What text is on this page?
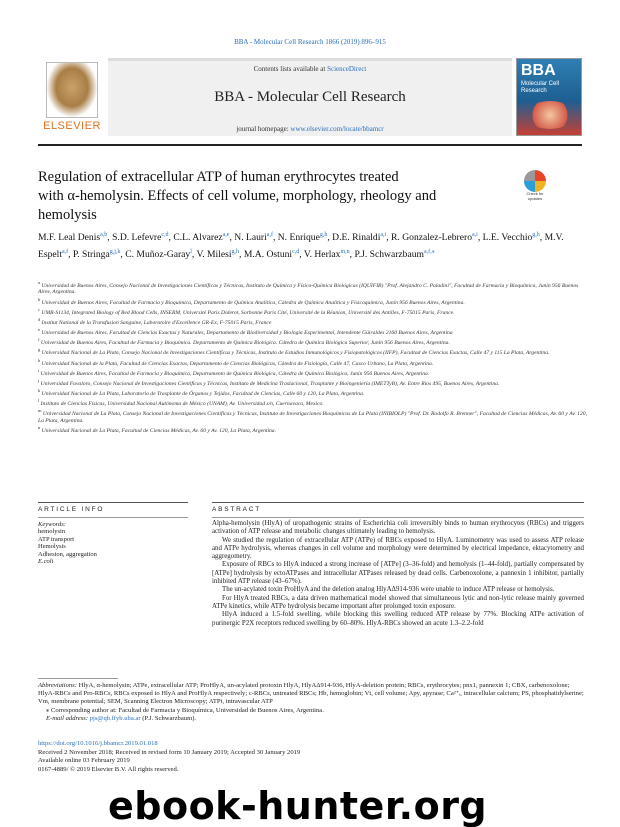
BBA - Molecular Cell Research 1866 (2019) 896–915
ELSEVIER
Contents lists available at ScienceDirect
BBA - Molecular Cell Research
journal homepage: www.elsevier.com/locate/bbamcr
BBA
Molecular Cell Research
Regulation of extracellular ATP of human erythrocytes treated
with α-hemolysin. Effects of cell volume, morphology, rheology and
hemolysis
Check for updates
M.F. Leal Denis$^{a,b}$, S.D. Lefevre$^{c,d}$, C.L. Alvarez$^{a,e}$, N. Lauri$^{a,f}$, N. Enrique$^{g,h}$, D.E. Rinaldi$^{a,i}$, R. Gonzalez-Lebrero$^{a,i}$, L.E. Vecchio$^{g,h}$, M.V. Espelt$^{a,f}$, P. Stringa$^{g,j,k}$, C. Muñoz-Garay$^l$, V. Milesi$^{g,h}$, M.A. Ostuni$^{c,d}$, V. Herlax$^{m,n}$, P.J. Schwarzbaum$^{a,f,⁎}$
$^a$ Universidad de Buenos Aires, Consejo Nacional de Investigaciones Científicas y Técnicas, Instituto de Química y Físico-Química Biológicas (IQUIFIB) "Prof. Alejandro C. Paladini", Facultad de Farmacia y Bioquímica, Junín 956 Buenos Aires, Argentina.
$^b$ Universidad de Buenos Aires, Facultad de Farmacia y Bioquímica, Departamento de Química Analítica, Cátedra de Química Analítica y Fisicoquímica, Junín 956 Buenos Aires, Argentina.
$^c$ UMR-S1134, Integrated Biology of Red Blood Cells, INSERM, Université Paris Diderot, Sorbonne Paris Cité, Université de la Réunion, Université des Antilles, F-75015 Paris, France.
$^d$ Institut National de la Transfusion Sanguine, Laboratoire d'Excellence GR-Ex, F-75015 Paris, France
$^e$ Universidad de Buenos Aires, Facultad de Ciencias Exactas y Naturales, Departamento de Biodiversidad y Biología Experimental, Intendente Güiraldes 2160 Buenos Aires, Argentina
$^f$ Universidad de Buenos Aires, Facultad de Farmacia y Bioquímica. Departamento de Química Biológica. Cátedra de Química Biológica Superior, Junín 956 Buenos Aires, Argentina.
$^g$ Universidad Nacional de La Plata, Consejo Nacional de Investigaciones Científicas y Técnicas, Instituto de Estudios Inmunológicos y Fisiopatológicos (IIFP), Facultad de Ciencias Exactas, Calle 47 y 115 La Plata, Argentina.
$^h$ Universidad Nacional de la Plata, Facultad de Ciencias Exactas, Departamento de Ciencias Biológicas, Cátedra de Fisiología, Calle 47, Casco Urbano, La Plata, Argentina.
$^i$ Universidad de Buenos Aires, Facultad de Farmacia y Bioquímica, Departamento de Química Biológica, Cátedra de Química Biológica, Junín 956 Buenos Aires, Argentina.
$^j$ Universidad Favaloro, Consejo Nacional de Investigaciones Científicas y Técnicas, Instituto de Medicina Traslacional, Trasplante y Bioingeniería (IMETTyB), Av. Entre Ríos 495, Buenos Aires, Argentina.
$^k$ Universidad Nacional de La Plata, Laboratorio de Trasplante de Órganos y Tejidos, Facultad de Ciencias, Calle 60 y 120, La Plata, Argentina.
$^l$ Instituto de Ciencias Físicas, Universidad Nacional Autónoma de México (UNAM), Av. Universidad s/n, Cuernavaca, Mexico.
$^m$ Universidad Nacional de La Plata, Consejo Nacional de Investigaciones Científicas y Técnicas, Instituto de Investigaciones Bioquímicas de La Plata (INIBIOLP) "Prof. Dr. Rodolfo R. Brenner", Facultad de Ciencias Médicas, Av. 60 y Av. 120, La Plata, Argentina.
$^n$ Universidad Nacional de La Plata, Facultad de Ciencias Médicas, Av. 60 y Av. 120, La Plata, Argentina.
ARTICLE INFO	ABSTRACT
Keywords:
hemolysin
ATP transport
Hemolysis
Adhesion, aggregation
E.coli

Alpha-hemolysin (HlyA) of uropathogenic strains of Escherichia coli irreversibly binds to human erythrocytes (RBCs) and triggers activation of ATP release and metabolic changes ultimately leading to hemolysis.

We studied the regulation of extracellular ATP (ATPe) of RBCs exposed to HlyA. Luminometry was used to assess ATP release and ATPe hydrolysis, whereas changes in cell volume and morphology were determined by electrical impedance, ektacytometry and aggregometry.

Exposure of RBCs to HlyA induced a strong increase of [ATPe] (3–36-fold) and hemolysis (1–44-fold), partially compensated by [ATPe] hydrolysis by ectoATPases and intracellular ATPases released by dead cells. Carbenoxolone, a pannexin 1 inhibitor, partially inhibited ATP release (43–67%).

The un-acylated toxin ProHlyA and the deletion analog HlyAΔ914-936 were unable to induce ATP release or hemolysis.

For HlyA treated RBCs, a data driven mathematical model showed that simultaneous lytic and non-lytic release mainly governed ATPe kinetics, while ATPe hydrolysis became important after prolonged toxin exposure.

HlyA induced a 1.5-fold swelling, while blocking this swelling reduced ATP release by 77%. Blocking ATPe activation of purinergic P2X receptors reduced swelling by 60–80%. HlyA-RBCs showed an acute 1.3–2.2-fold

Abbreviations: HlyA, α-hemolysin; ATPe, extracellular ATP; ProHlyA, un-acylated protoxin HlyA, HlyAΔ914-936, HlyA-deletion protein; RBCs, erythrocytes; pnx1, pannexin 1; CBX, carbenoxolone; HlyA-RBCs and Pro-RBCs, RBCs exposed to HlyA and ProHlyA respectively; c-RBCs, untreated RBCs; Hb, hemoglobin; Vt, cell volume; Apy, apyrase; Ca²⁺ᵢ, intracellular calcium; PS, phosphatidylserine; Vm, membrane potential; SEM, Scanning Electron Microscopy; ATPi, intravascular ATP
⁎ Corresponding author at: Facultad de Farmacia y Bioquímica, Universidad de Buenos Aires, Argentina.
E-mail address: pjs@qb.ffyb.uba.ar (P.J. Schwarzbaum).
https://doi.org/10.1016/j.bbamcr.2019.01.018
Received 2 November 2018; Received in revised form 10 January 2019; Accepted 30 January 2019
Available online 03 February 2019
0167-4889/ © 2019 Elsevier B.V. All rights reserved.
ebook-hunter.org
